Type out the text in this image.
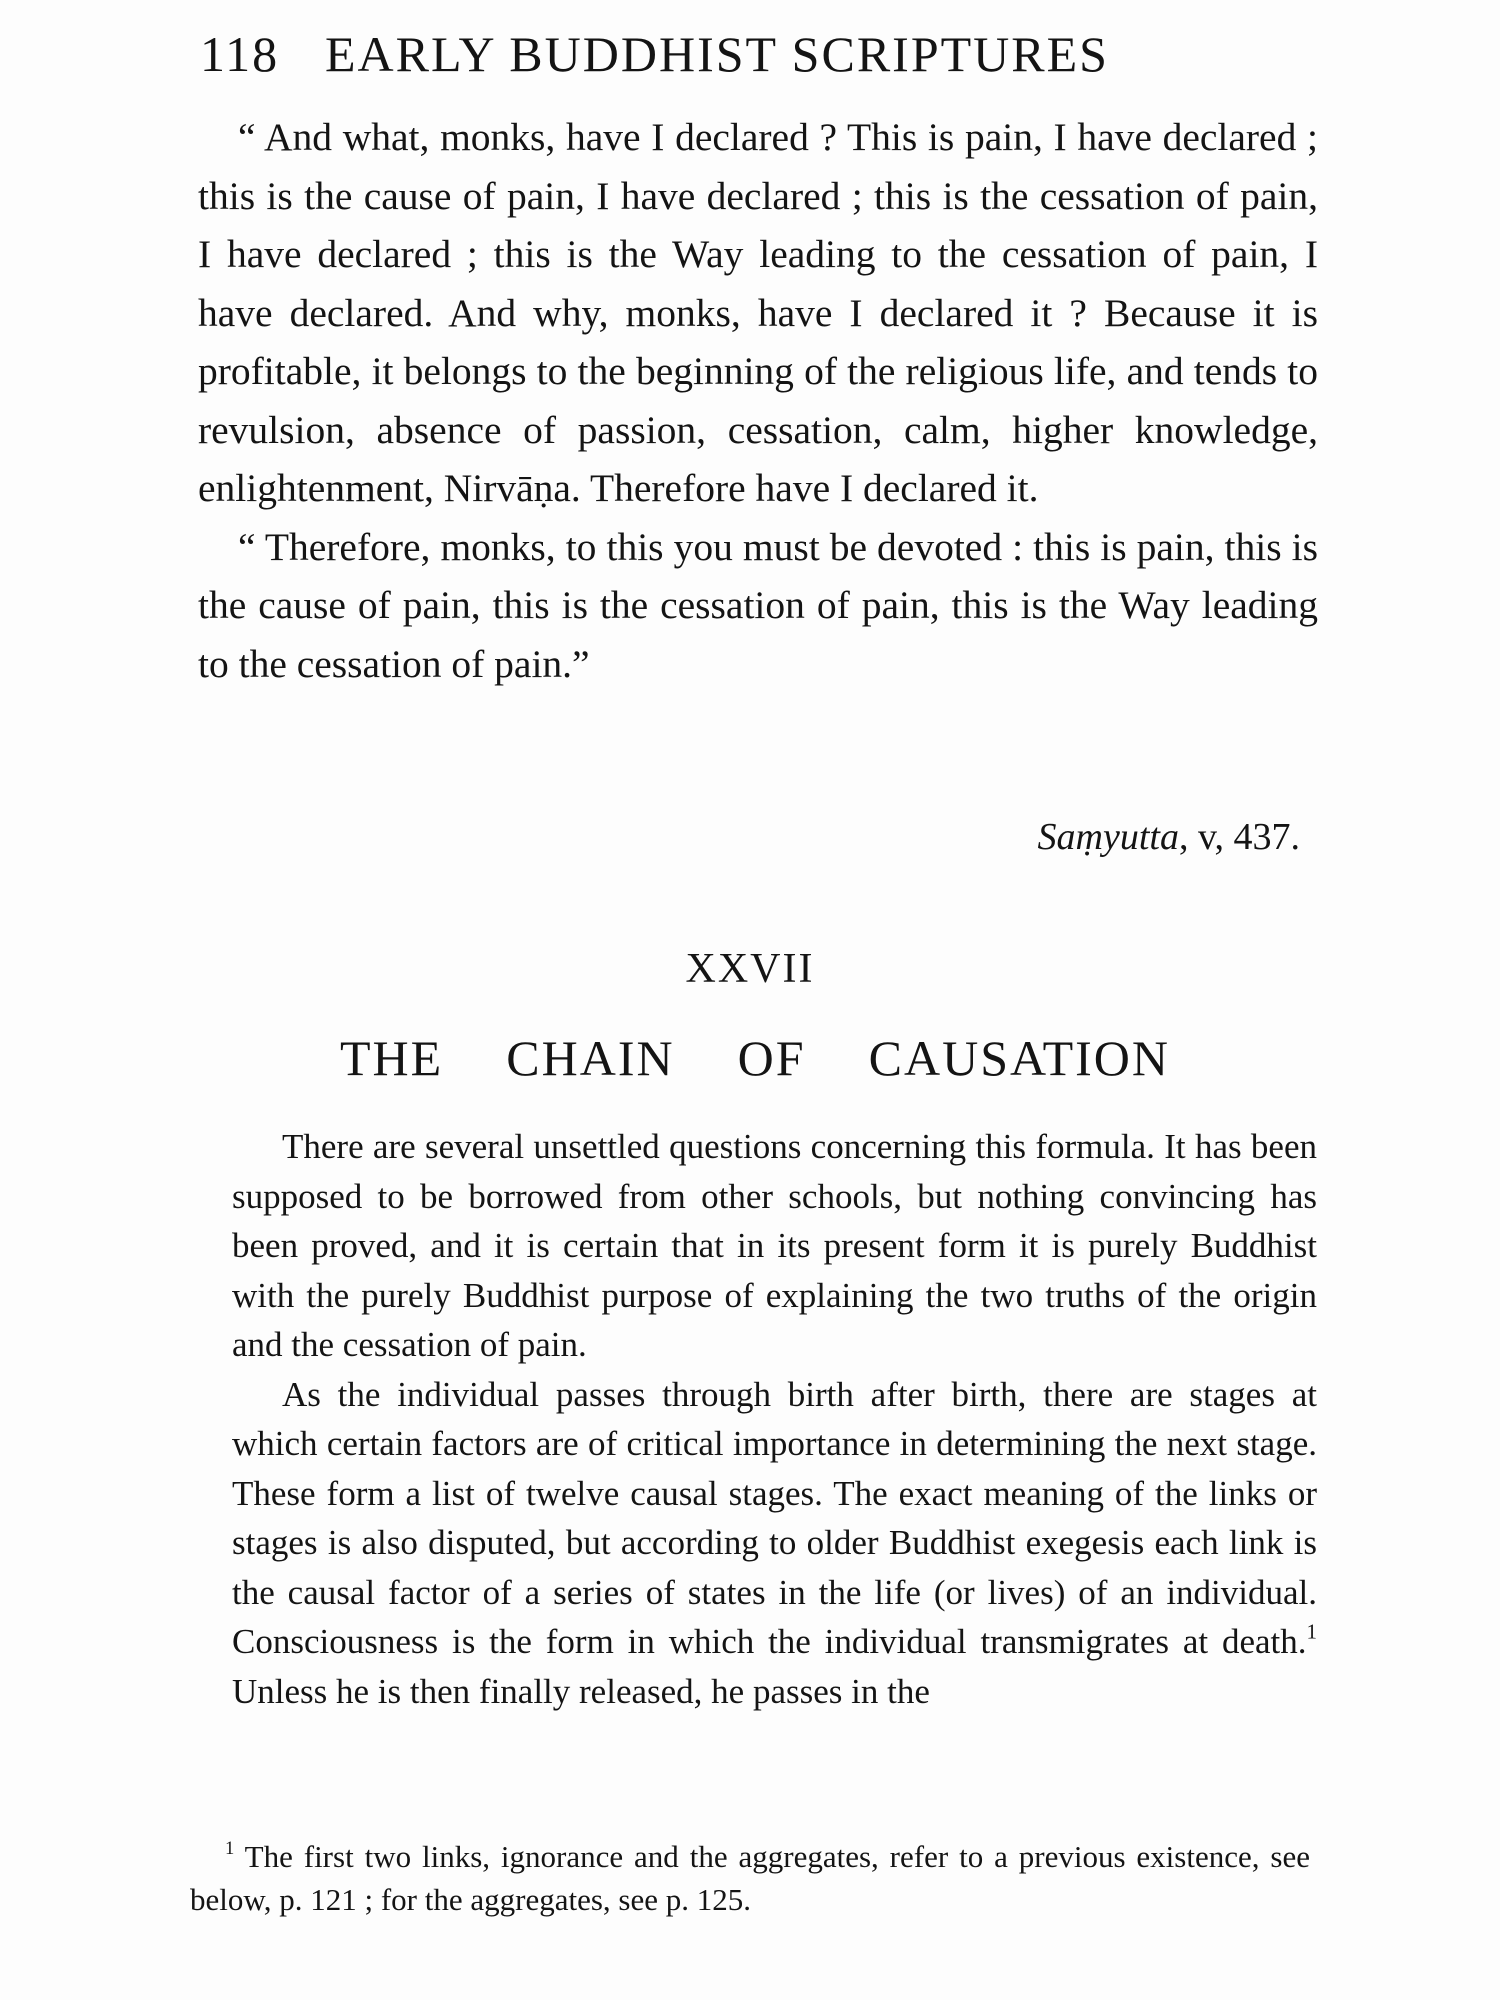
118 EARLY BUDDHIST SCRIPTURES

“ And what, monks, have I declared ? This is pain, I have declared ; this is the cause of pain, I have declared ; this is the cessation of pain, I have declared ; this is the Way leading to the cessation of pain, I have declared. And why, monks, have I declared it ? Because it is profitable, it belongs to the beginning of the religious life, and tends to revulsion, absence of passion, cessation, calm, higher knowledge, enlightenment, Nirvāṇa. Therefore have I declared it.

“ Therefore, monks, to this you must be devoted : this is pain, this is the cause of pain, this is the cessation of pain, this is the Way leading to the cessation of pain.”

Saṃyutta, v, 437.
XXVII
THE CHAIN OF CAUSATION

There are several unsettled questions concerning this formula. It has been supposed to be borrowed from other schools, but nothing convincing has been proved, and it is certain that in its present form it is purely Buddhist with the purely Buddhist purpose of explaining the two truths of the origin and the cessation of pain.

As the individual passes through birth after birth, there are stages at which certain factors are of critical importance in determining the next stage. These form a list of twelve causal stages. The exact meaning of the links or stages is also disputed, but according to older Buddhist exegesis each link is the causal factor of a series of states in the life (or lives) of an individual. Consciousness is the form in which the individual transmigrates at death.$^1$ Unless he is then finally released, he passes in the

$^1$ The first two links, ignorance and the aggregates, refer to a previous existence, see below, p. 121 ; for the aggregates, see p. 125.
